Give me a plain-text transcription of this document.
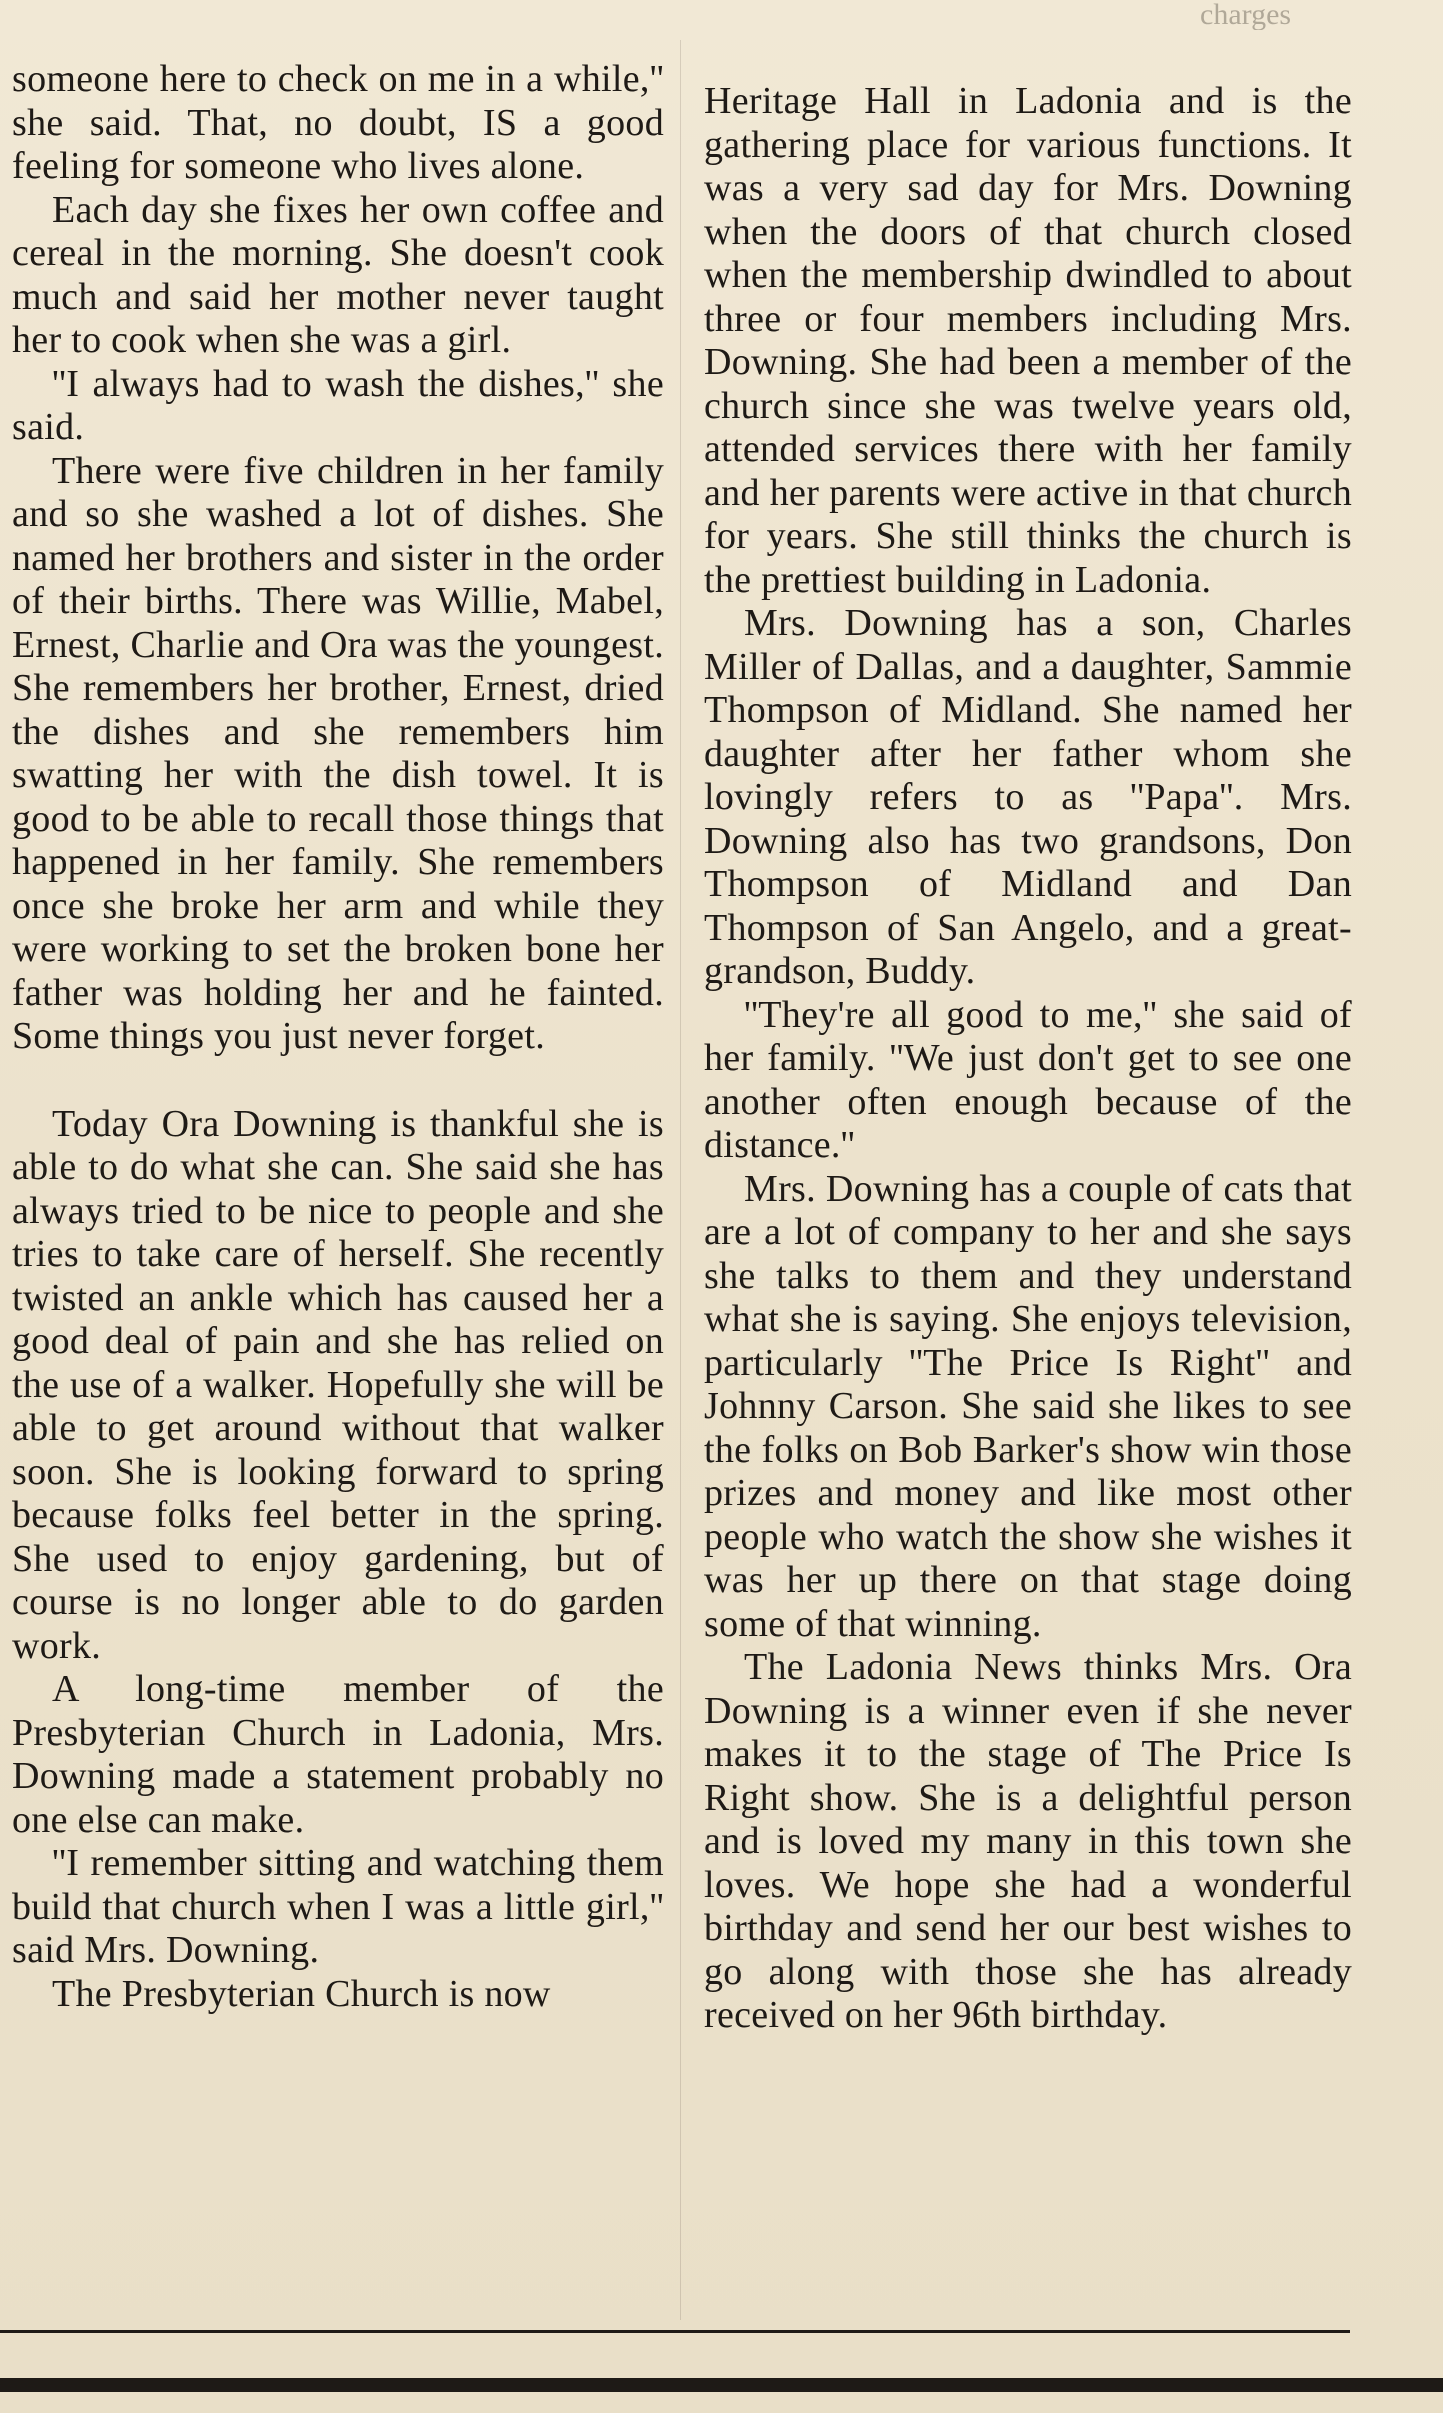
charges

someone here to check on me in a while,'' she said. That, no doubt, IS a good feeling for someone who lives alone.

Each day she fixes her own coffee and cereal in the morning. She doesn't cook much and said her mother never taught her to cook when she was a girl.

''I always had to wash the dishes,'' she said.

There were five children in her family and so she washed a lot of dishes. She named her brothers and sister in the order of their births. There was Willie, Mabel, Ernest, Charlie and Ora was the youngest. She remembers her brother, Ernest, dried the dishes and she remembers him swatting her with the dish towel. It is good to be able to recall those things that happened in her family. She remembers once she broke her arm and while they were working to set the broken bone her father was holding her and he fainted. Some things you just never forget.

Today Ora Downing is thankful she is able to do what she can. She said she has always tried to be nice to people and she tries to take care of herself. She recently twisted an ankle which has caused her a good deal of pain and she has relied on the use of a walker. Hopefully she will be able to get around without that walker soon. She is looking forward to spring because folks feel better in the spring. She used to enjoy gardening, but of course is no longer able to do garden work.

A long-time member of the Presbyterian Church in Ladonia, Mrs. Downing made a statement probably no one else can make.

''I remember sitting and watching them build that church when I was a little girl,'' said Mrs. Downing.

The Presbyterian Church is now

Heritage Hall in Ladonia and is the gathering place for various functions. It was a very sad day for Mrs. Downing when the doors of that church closed when the membership dwindled to about three or four members including Mrs. Downing. She had been a member of the church since she was twelve years old, attended services there with her family and her parents were active in that church for years. She still thinks the church is the prettiest building in Ladonia.

Mrs. Downing has a son, Charles Miller of Dallas, and a daughter, Sammie Thompson of Midland. She named her daughter after her father whom she lovingly refers to as ''Papa''. Mrs. Downing also has two grandsons, Don Thompson of Midland and Dan Thompson of San Angelo, and a great-grandson, Buddy.

''They're all good to me,'' she said of her family. ''We just don't get to see one another often enough because of the distance.''

Mrs. Downing has a couple of cats that are a lot of company to her and she says she talks to them and they understand what she is saying. She enjoys television, particularly ''The Price Is Right'' and Johnny Carson. She said she likes to see the folks on Bob Barker's show win those prizes and money and like most other people who watch the show she wishes it was her up there on that stage doing some of that winning.

The Ladonia News thinks Mrs. Ora Downing is a winner even if she never makes it to the stage of The Price Is Right show. She is a delightful person and is loved my many in this town she loves. We hope she had a wonderful birthday and send her our best wishes to go along with those she has already received on her 96th birthday.
